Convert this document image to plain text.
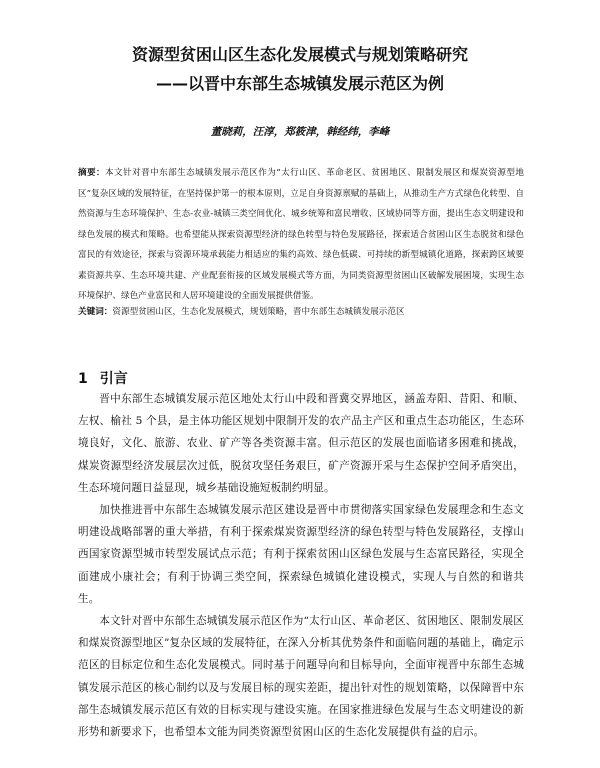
资源型贫困山区生态化发展模式与规划策略研究
——以晋中东部生态城镇发展示范区为例
董晓莉，汪淳，郑筱津，韩经纬，李峰
摘要：本文针对晋中东部生态城镇发展示范区作为“太行山区、革命老区、贫困地区、限制发展区和煤炭资源型地区”复杂区域的发展特征，在坚持保护第一的根本原则，立足自身资源禀赋的基础上，从推动生产方式绿色化转型、自然资源与生态环境保护、生态-农业-城镇三类空间优化、城乡统筹和富民增收、区域协同等方面，提出生态文明建设和绿色发展的模式和策略。也希望能从探索资源型经济的绿色转型与特色发展路径，探索适合贫困山区生态脱贫和绿色富民的有效途径，探索与资源环境承载能力相适应的集约高效、绿色低碳、可持续的新型城镇化道路，探索跨区域要素资源共享、生态环境共建、产业配套衔接的区域发展模式等方面，为同类资源型贫困山区破解发展困境，实现生态环境保护、绿色产业富民和人居环境建设的全面发展提供借鉴。
关键词：资源型贫困山区，生态化发展模式，规划策略，晋中东部生态城镇发展示范区
1 引言

晋中东部生态城镇发展示范区地处太行山中段和晋冀交界地区，涵盖寿阳、昔阳、和顺、左权、榆社 5 个县，是主体功能区规划中限制开发的农产品主产区和重点生态功能区，生态环境良好，文化、旅游、农业、矿产等各类资源丰富。但示范区的发展也面临诸多困难和挑战，煤炭资源型经济发展层次过低，脱贫攻坚任务艰巨，矿产资源开采与生态保护空间矛盾突出，生态环境问题日益显现，城乡基础设施短板制约明显。

加快推进晋中东部生态城镇发展示范区建设是晋中市贯彻落实国家绿色发展理念和生态文明建设战略部署的重大举措，有利于探索煤炭资源型经济的绿色转型与特色发展路径，支撑山西国家资源型城市转型发展试点示范；有利于探索贫困山区绿色发展与生态富民路径，实现全面建成小康社会；有利于协调三类空间，探索绿色城镇化建设模式，实现人与自然的和谐共生。

本文针对晋中东部生态城镇发展示范区作为“太行山区、革命老区、贫困地区、限制发展区和煤炭资源型地区”复杂区域的发展特征，在深入分析其优势条件和面临问题的基础上，确定示范区的目标定位和生态化发展模式。同时基于问题导向和目标导向，全面审视晋中东部生态城镇发展示范区的核心制约以及与发展目标的现实差距，提出针对性的规划策略，以保障晋中东部生态城镇发展示范区有效的目标实现与建设实施。在国家推进绿色发展与生态文明建设的新形势和新要求下，也希望本文能为同类资源型贫困山区的生态化发展提供有益的启示。
